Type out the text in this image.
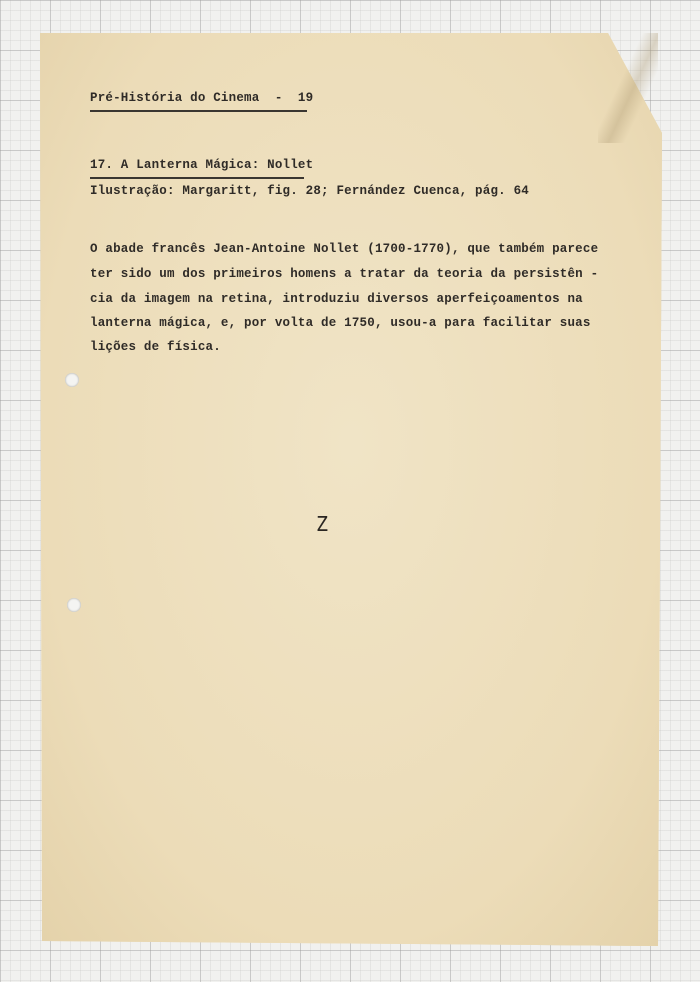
Pré-História do Cinema  -  19
17. A Lanterna Mágica: Nollet
Ilustração: Margaritt, fig. 28; Fernández Cuenca, pág. 64
O abade francês Jean-Antoine Nollet (1700-1770), que também parece
ter sido um dos primeiros homens a tratar da teoria da persistên -
cia da imagem na retina, introduziu diversos aperfeiçoamentos na
lanterna mágica, e, por volta de 1750, usou-a para facilitar suas
lições de física.
Z
